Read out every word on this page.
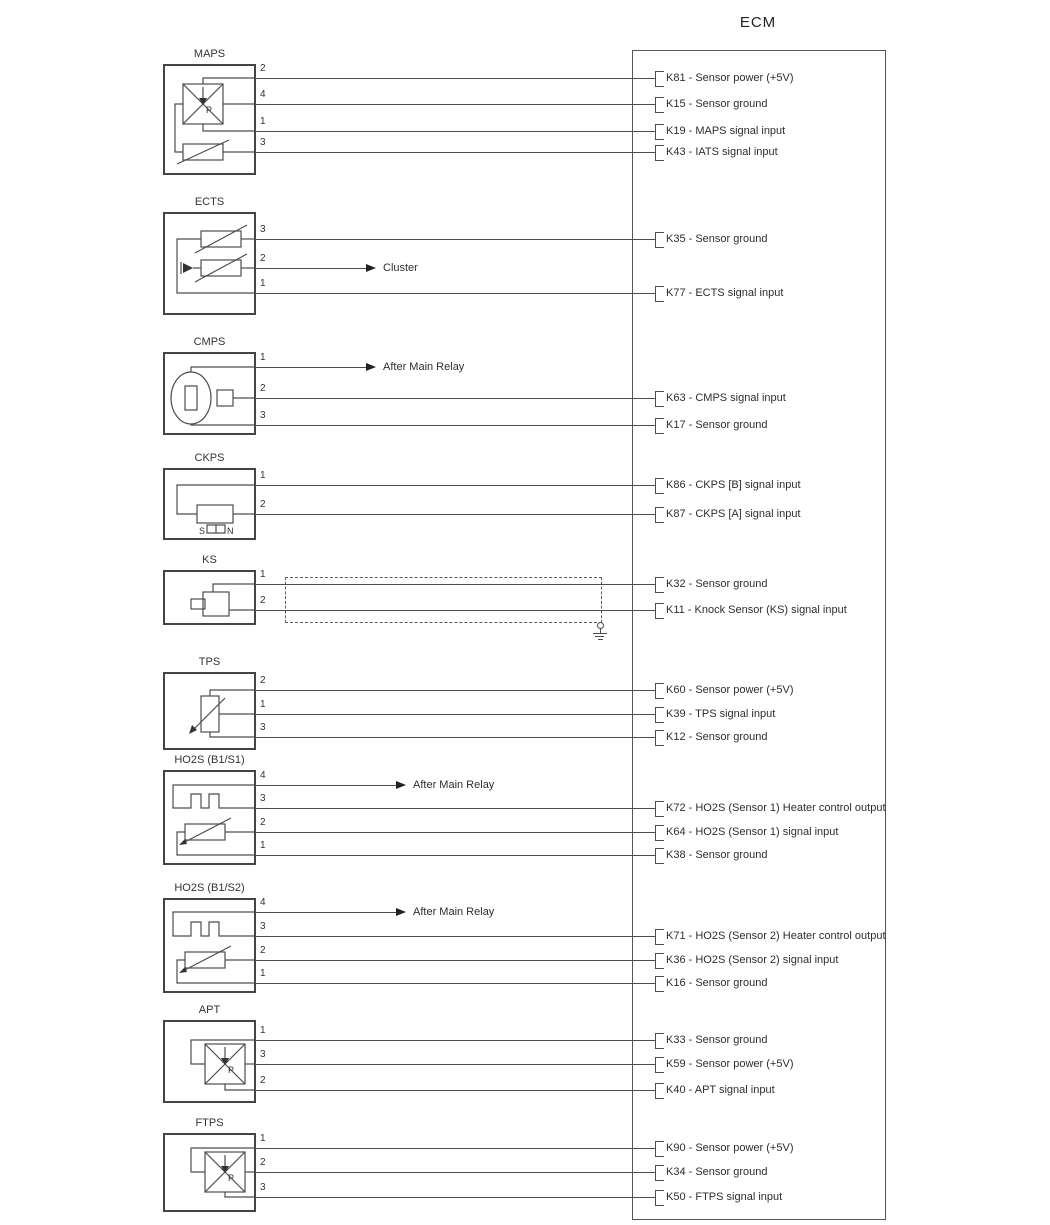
ECM
MAPS
2
K81 - Sensor power (+5V)
4
K15 - Sensor ground
1
K19 - MAPS signal input
3
K43 - IATS signal input
ECTS
3
K35 - Sensor ground
2
Cluster
1
K77 - ECTS signal input
CMPS
1
After Main Relay
2
K63 - CMPS signal input
3
K17 - Sensor ground
CKPS
S N
1
K86 - CKPS [B] signal input
2
K87 - CKPS [A] signal input
KS
1
K32 - Sensor ground
2
K11 - Knock Sensor (KS) signal input
TPS
2
K60 - Sensor power (+5V)
1
K39 - TPS signal input
3
K12 - Sensor ground
HO2S (B1/S1)
4
After Main Relay
3
K72 - HO2S (Sensor 1) Heater control output
2
K64 - HO2S (Sensor 1) signal input
1
K38 - Sensor ground
HO2S (B1/S2)
4
After Main Relay
3
K71 - HO2S (Sensor 2) Heater control output
2
K36 - HO2S (Sensor 2) signal input
1
K16 - Sensor ground
APT
1
K33 - Sensor ground
3
K59 - Sensor power (+5V)
2
K40 - APT signal input
FTPS
1
K90 - Sensor power (+5V)
2
K34 - Sensor ground
3
K50 - FTPS signal input
